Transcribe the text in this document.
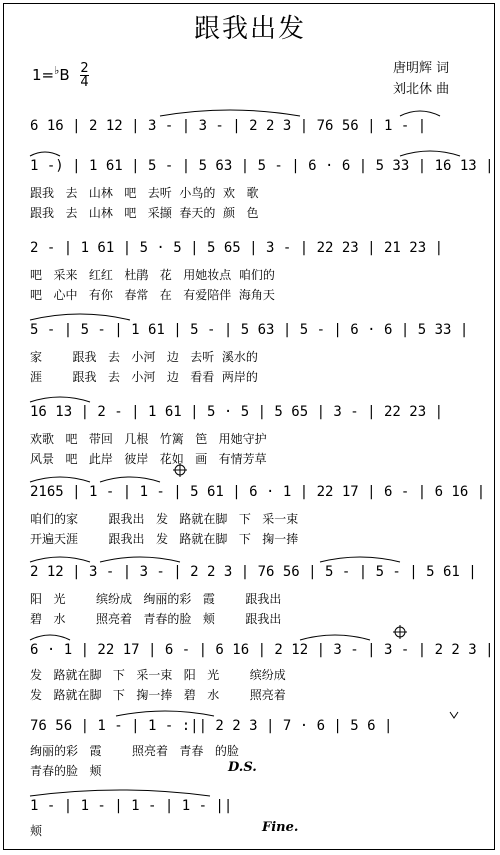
跟我出发
$1=^♭B \frac{2}{4}$	唐明辉 词
刘北休 曲
6 16 | 2 12 | 3 - | 3 - | 2 2 3 | 76 56 | 1 - |
1 -) | 1 61 | 5 - | 5 63 | 5 - | 6 · 6 | 5 33 | 16 13 |
跟我   去   山林   吧   去听  小鸟的  欢   歌
跟我   去   山林   吧   采撷  春天的  颜   色
2 - | 1 61 | 5 · 5 | 5 65 | 3 - | 22 23 | 21 23 |
吧   采来   红红   杜鹃   花   用她妆点  咱们的
吧   心中   有你   春常   在   有爱陪伴  海角天
5 - | 5 - | 1 61 | 5 - | 5 63 | 5 - | 6 · 6 | 5 33 |
家        跟我   去   小河   边   去听  溪水的
涯        跟我   去   小河   边   看看  两岸的
16 13 | 2 - | 1 61 | 5 · 5 | 5 65 | 3 - | 22 23 |
欢歌   吧   带回   几根   竹篱   笆   用她守护
风景   吧   此岸   彼岸   花如   画   有情芳草
2165 | 1 - | 1 - | 5 61 | 6 · 1 | 22 17 | 6 - | 6 16 |
咱们的家        跟我出   发   路就在脚   下   采一束
开遍天涯        跟我出   发   路就在脚   下   掬一捧
2 12 | 3 - | 3 - | 2 2 3 | 76 56 | 5 - | 5 - | 5 61 |
阳   光        缤纷成   绚丽的彩   霞        跟我出
碧   水        照亮着   青春的脸   颊        跟我出
6 · 1 | 22 17 | 6 - | 6 16 | 2 12 | 3 - | 3 - | 2 2 3 |
发   路就在脚   下   采一束   阳   光        缤纷成
发   路就在脚   下   掬一捧   碧   水        照亮着
76 56 | 1 - | 1 - :|| 2 2 3 | 7 · 6 | 5 6 |
绚丽的彩   霞        照亮着   青春   的脸
青春的脸   颊	D.S.
1 - | 1 - | 1 - | 1 - ||
颊	Fine.
